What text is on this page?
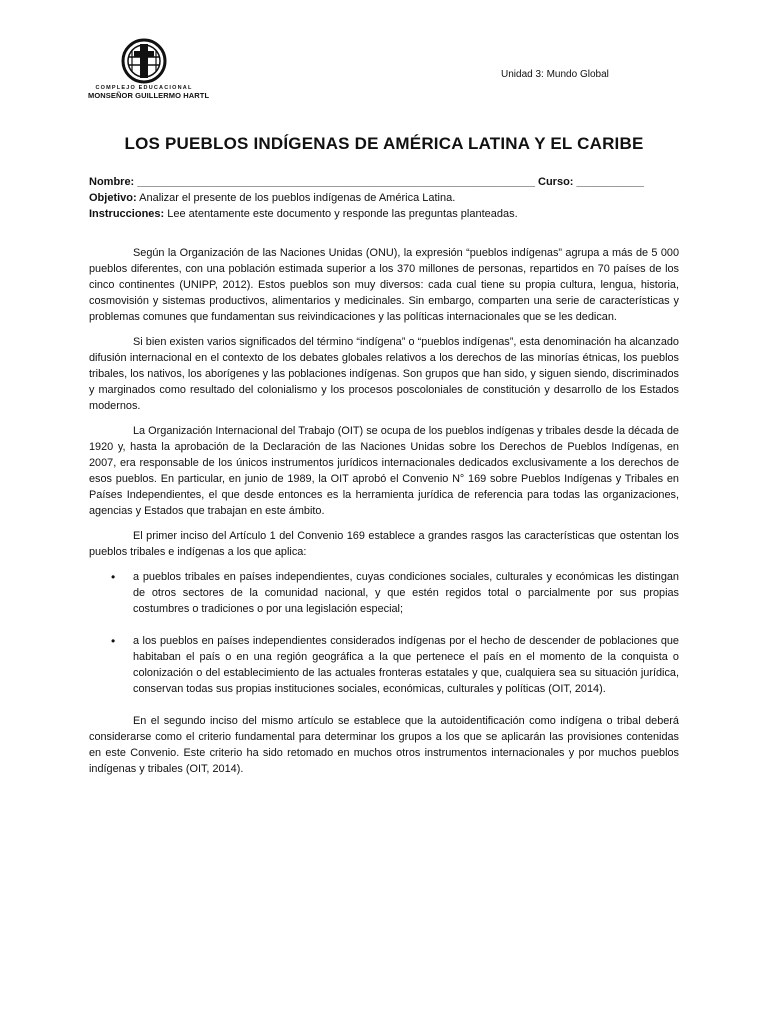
COMPLEJO EDUCACIONAL
MONSEÑOR GUILLERMO HARTL
Unidad 3: Mundo Global
LOS PUEBLOS INDÍGENAS DE AMÉRICA LATINA Y EL CARIBE
Nombre: _________________________________________________________________ Curso: ___________
Objetivo: Analizar el presente de los pueblos indígenas de América Latina.
Instrucciones: Lee atentamente este documento y responde las preguntas planteadas.

Según la Organización de las Naciones Unidas (ONU), la expresión “pueblos indígenas” agrupa a más de 5 000 pueblos diferentes, con una población estimada superior a los 370 millones de personas, repartidos en 70 países de los cinco continentes (UNIPP, 2012). Estos pueblos son muy diversos: cada cual tiene su propia cultura, lengua, historia, cosmovisión y sistemas productivos, alimentarios y medicinales. Sin embargo, comparten una serie de características y problemas comunes que fundamentan sus reivindicaciones y las políticas internacionales que se les dedican.

Si bien existen varios significados del término “indígena” o “pueblos indígenas”, esta denominación ha alcanzado difusión internacional en el contexto de los debates globales relativos a los derechos de las minorías étnicas, los pueblos tribales, los nativos, los aborígenes y las poblaciones indígenas. Son grupos que han sido, y siguen siendo, discriminados y marginados como resultado del colonialismo y los procesos poscoloniales de constitución y desarrollo de los Estados modernos.

La Organización Internacional del Trabajo (OIT) se ocupa de los pueblos indígenas y tribales desde la década de 1920 y, hasta la aprobación de la Declaración de las Naciones Unidas sobre los Derechos de Pueblos Indígenas, en 2007, era responsable de los únicos instrumentos jurídicos internacionales dedicados exclusivamente a los derechos de esos pueblos. En particular, en junio de 1989, la OIT aprobó el Convenio N° 169 sobre Pueblos Indígenas y Tribales en Países Independientes, el que desde entonces es la herramienta jurídica de referencia para todas las organizaciones, agencias y Estados que trabajan en este ámbito.

El primer inciso del Artículo 1 del Convenio 169 establece a grandes rasgos las características que ostentan los pueblos tribales e indígenas a los que aplica:

• a pueblos tribales en países independientes, cuyas condiciones sociales, culturales y económicas les distingan de otros sectores de la comunidad nacional, y que estén regidos total o parcialmente por sus propias costumbres o tradiciones o por una legislación especial;
• a los pueblos en países independientes considerados indígenas por el hecho de descender de poblaciones que habitaban el país o en una región geográfica a la que pertenece el país en el momento de la conquista o colonización o del establecimiento de las actuales fronteras estatales y que, cualquiera sea su situación jurídica, conservan todas sus propias instituciones sociales, económicas, culturales y políticas (OIT, 2014).

En el segundo inciso del mismo artículo se establece que la autoidentificación como indígena o tribal deberá considerarse como el criterio fundamental para determinar los grupos a los que se aplicarán las provisiones contenidas en este Convenio. Este criterio ha sido retomado en muchos otros instrumentos internacionales y por muchos pueblos indígenas y tribales (OIT, 2014).
